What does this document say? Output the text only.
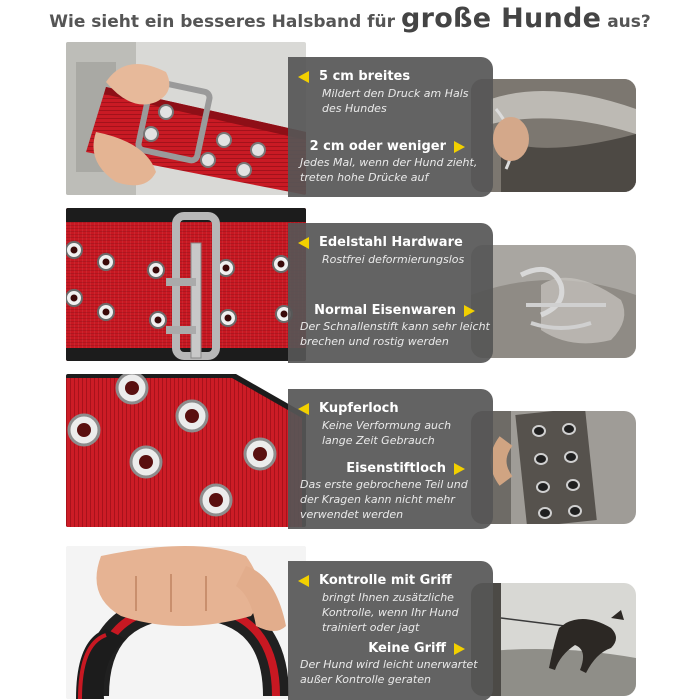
Wie sieht ein besseres Halsband für große Hunde aus?
5 cm breites
Mildert den Druck am Hals des Hundes
2 cm oder weniger
Jedes Mal, wenn der Hund zieht, treten hohe Drücke auf
Edelstahl Hardware
Rostfrei deformierungslos
Normal Eisenwaren
Der Schnallenstift kann sehr leicht brechen und rostig werden
Kupferloch
Keine Verformung auch lange Zeit Gebrauch
Eisenstiftloch
Das erste gebrochene Teil und der Kragen kann nicht mehr verwendet werden
Kontrolle mit Griff
bringt Ihnen zusätzliche Kontrolle, wenn Ihr Hund trainiert oder jagt
Keine Griff
Der Hund wird leicht unerwartet außer Kontrolle geraten
